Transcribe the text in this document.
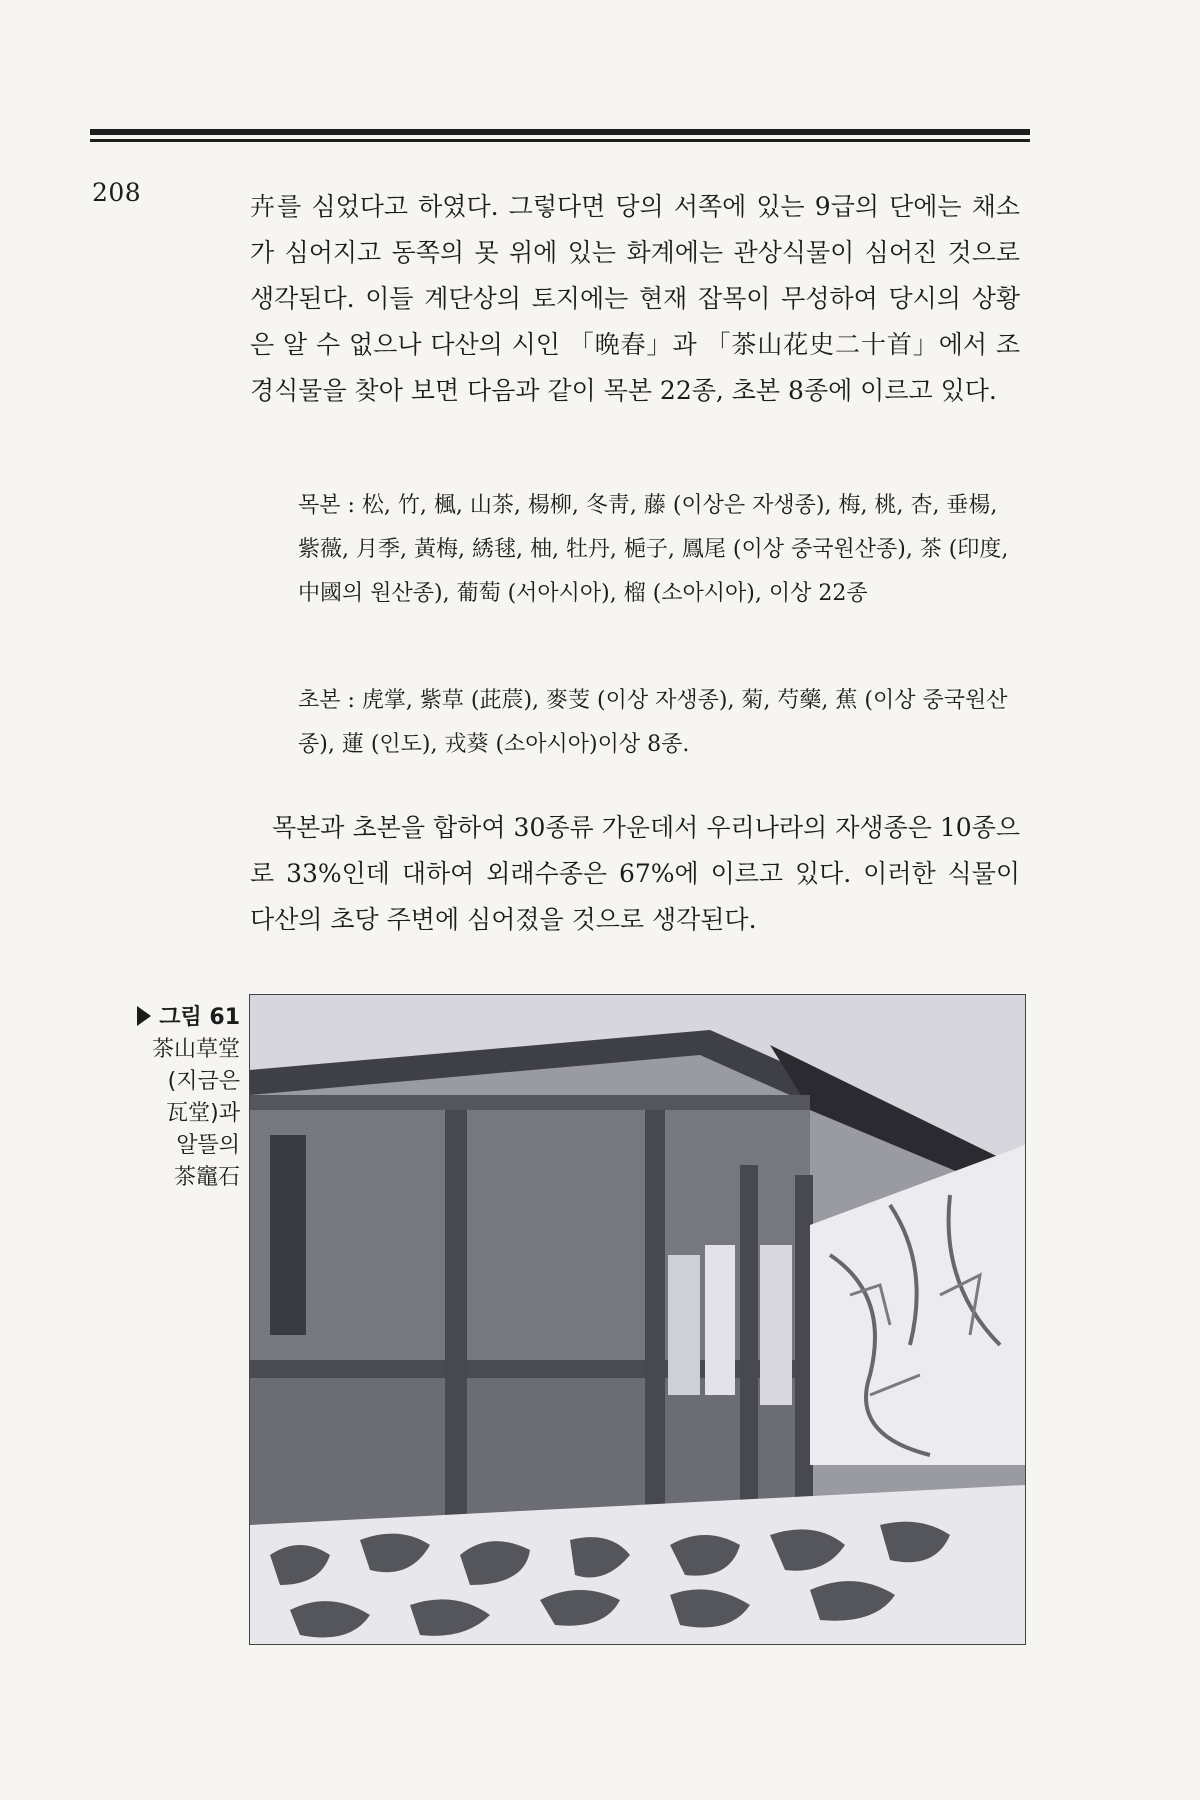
208	卉를 심었다고 하였다. 그렇다면 당의 서쪽에 있는 9급의 단에는 채소가 심어지고 동쪽의 못 위에 있는 화계에는 관상식물이 심어진 것으로 생각된다. 이들 계단상의 토지에는 현재 잡목이 무성하여 당시의 상황은 알 수 없으나 다산의 시인 「晩春」과 「茶山花史二十首」에서 조경식물을 찾아 보면 다음과 같이 목본 22종, 초본 8종에 이르고 있다.

목본 : 松, 竹, 楓, 山茶, 楊柳, 冬靑, 藤 (이상은 자생종), 梅, 桃, 杏, 垂楊, 紫薇, 月季, 黃梅, 綉毬, 柚, 牡丹, 梔子, 鳳尾 (이상 중국원산종), 茶 (印度, 中國의 원산종), 葡萄 (서아시아), 榴 (소아시아), 이상 22종

초본 : 虎掌, 紫草 (茈莀), 麥芰 (이상 자생종), 菊, 芍藥, 蕉 (이상 중국원산종), 蓮 (인도), 戎葵 (소아시아)이상 8종.

목본과 초본을 합하여 30종류 가운데서 우리나라의 자생종은 10종으로 33%인데 대하여 외래수종은 67%에 이르고 있다. 이러한 식물이 다산의 초당 주변에 심어졌을 것으로 생각된다.

그림 61
茶山草堂
(지금은
瓦堂)과
알뜰의
茶竈石
